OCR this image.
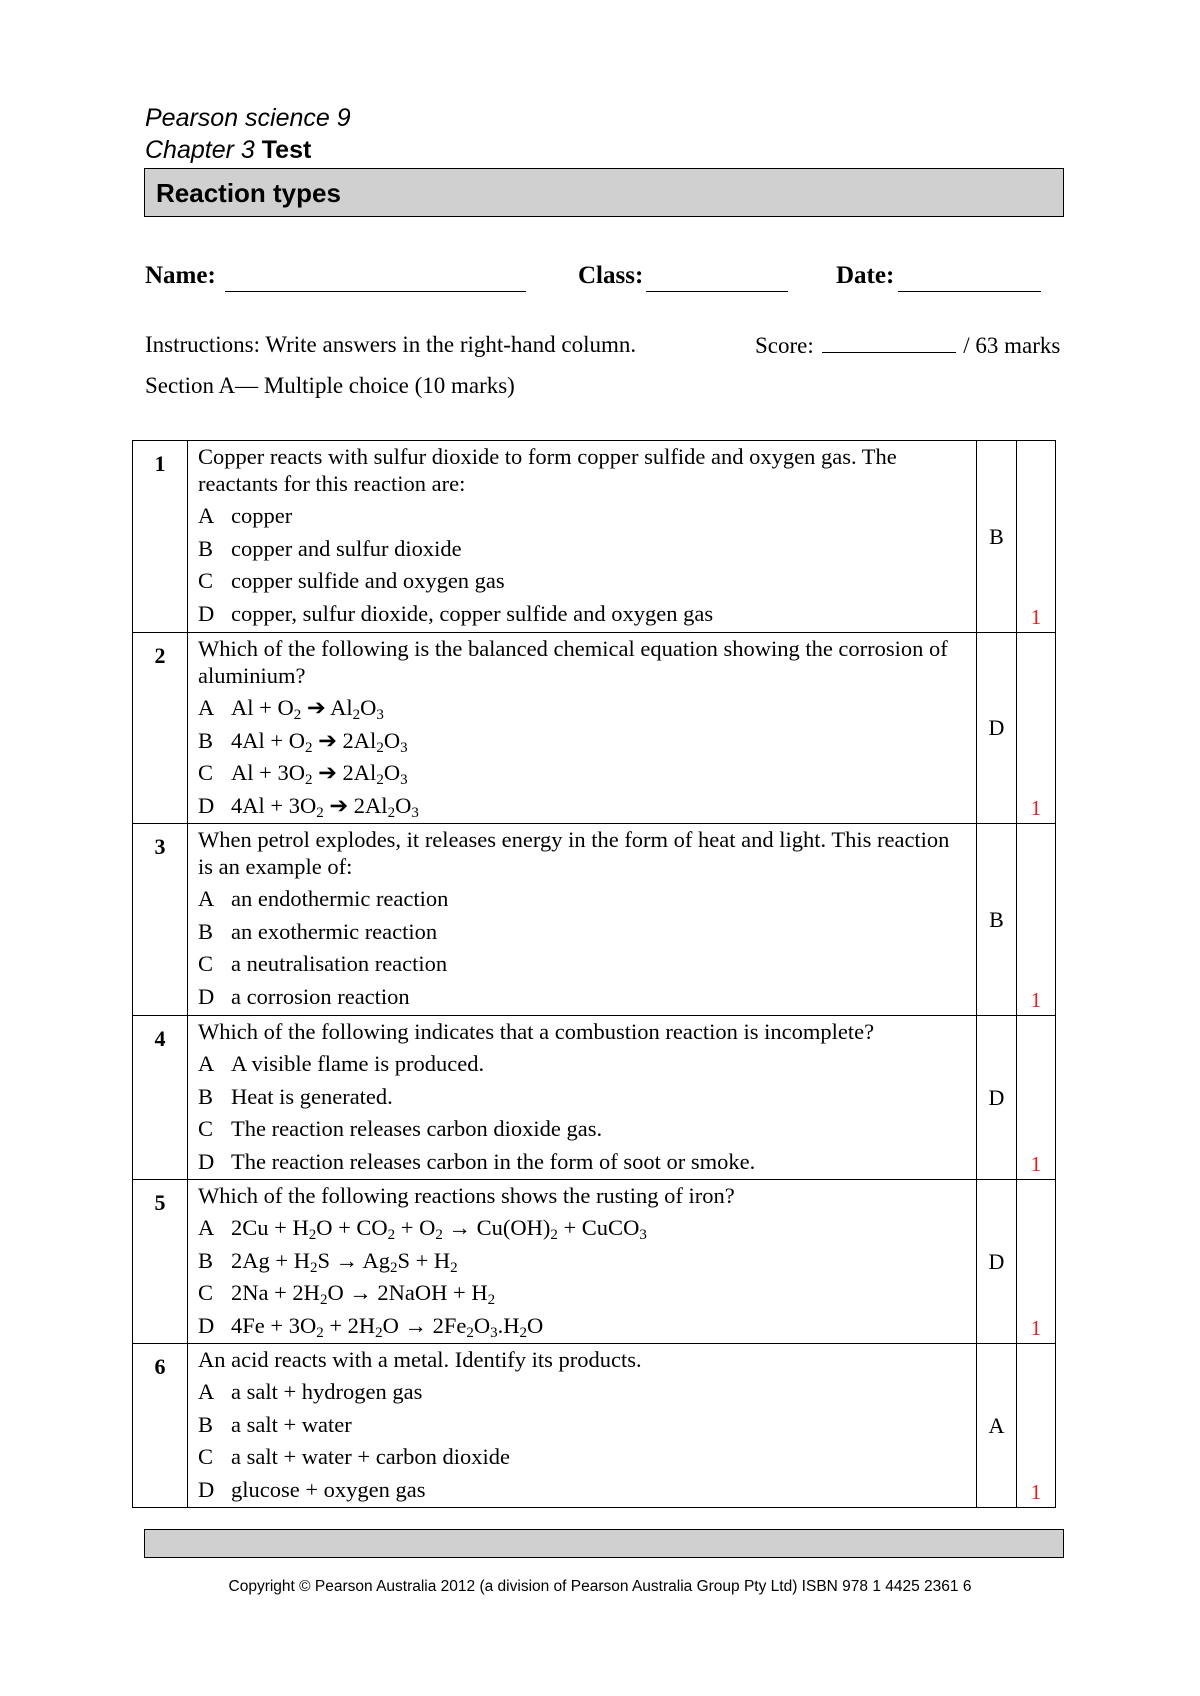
Pearson science 9
Chapter 3 Test
Reaction types
Name:	Class:	Date:
Instructions: Write answers in the right-hand column.	Score:	/ 63 marks
Section A— Multiple choice (10 marks)
1	Copper reacts with sulfur dioxide to form copper sulfide and oxygen gas. The reactants for this reaction are:
A copper
B copper and sulfur dioxide
C copper sulfide and oxygen gas
D copper, sulfur dioxide, copper sulfide and oxygen gas	B	1
2	Which of the following is the balanced chemical equation showing the corrosion of aluminium?
A $Al + O_2$ ➔ $Al_2O_3$
B $4Al + O_2$ ➔ $2Al_2O_3$
C $Al + 3O_2$ ➔ $2Al_2O_3$
D $4Al + 3O_2$ ➔ $2Al_2O_3$	D	1
3	When petrol explodes, it releases energy in the form of heat and light. This reaction is an example of:
A an endothermic reaction
B an exothermic reaction
C a neutralisation reaction
D a corrosion reaction	B	1
4	Which of the following indicates that a combustion reaction is incomplete?
A A visible flame is produced.
B Heat is generated.
C The reaction releases carbon dioxide gas.
D The reaction releases carbon in the form of soot or smoke.	D	1
5	Which of the following reactions shows the rusting of iron?
A $2Cu + H_2O + CO_2 + O_2 \to Cu(OH)_2$ + CuCO$_3$
B $2Ag + H_2S \to Ag_2S + H_2$
C $2Na + 2H_2O$ → 2NaOH + $H_2$
D $4Fe + 3O_2 + 2H_2O \to 2Fe_2O_3.H_2O$	D	1
6	An acid reacts with a metal. Identify its products.
A a salt + hydrogen gas
B a salt + water
C a salt + water + carbon dioxide
D glucose + oxygen gas	A	1
Copyright © Pearson Australia 2012 (a division of Pearson Australia Group Pty Ltd) ISBN 978 1 4425 2361 6
